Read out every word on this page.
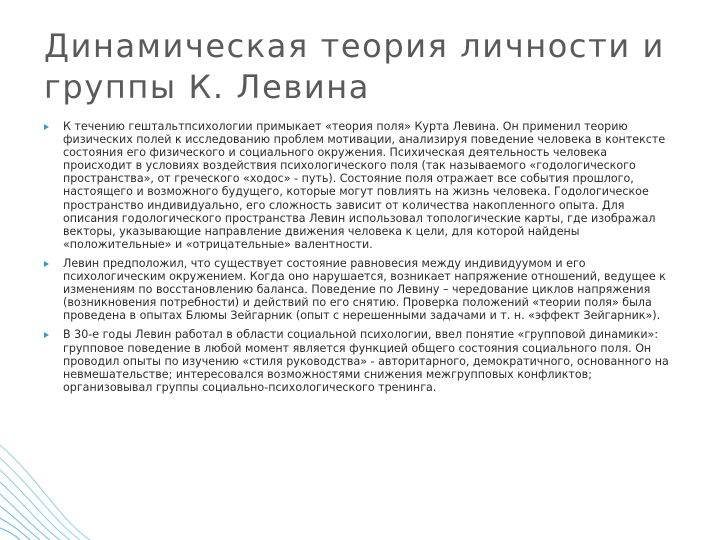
Динамическая теория личности и группы К. Левина
К течению гештальтпсихологии примыкает «теория поля» Курта Левина. Он применил теорию физических полей к исследованию проблем мотивации, анализируя поведение человека в контексте состояния его физического и социального окружения. Психическая деятельность человека происходит в условиях воздействия психологического поля (так называемого «годологического пространства», от греческого «ходос» - путь). Состояние поля отражает все события прошлого, настоящего и возможного будущего, которые могут повлиять на жизнь человека. Годологическое пространство индивидуально, его сложность зависит от количества накопленного опыта. Для описания годологического пространства Левин использовал топологические карты, где изображал векторы, указывающие направление движения человека к цели, для которой найдены «положительные» и «отрицательные» валентности.
Левин предположил, что существует состояние равновесия между индивидуумом и его психологическим окружением. Когда оно нарушается, возникает напряжение отношений, ведущее к изменениям по восстановлению баланса. Поведение по Левину – чередование циклов напряжения (возникновения потребности) и действий по его снятию. Проверка положений «теории поля» была проведена в опытах Блюмы Зейгарник (опыт с нерешенными задачами и т. н. «эффект Зейгарник»).
В 30-е годы Левин работал в области социальной психологии, ввел понятие «групповой динамики»: групповое поведение в любой момент является функцией общего состояния социального поля. Он проводил опыты по изучению «стиля руководства» - авторитарного, демократичного, основанного на невмешательстве; интересовался возможностями снижения межгрупповых конфликтов; организовывал группы социально-психологического тренинга.
